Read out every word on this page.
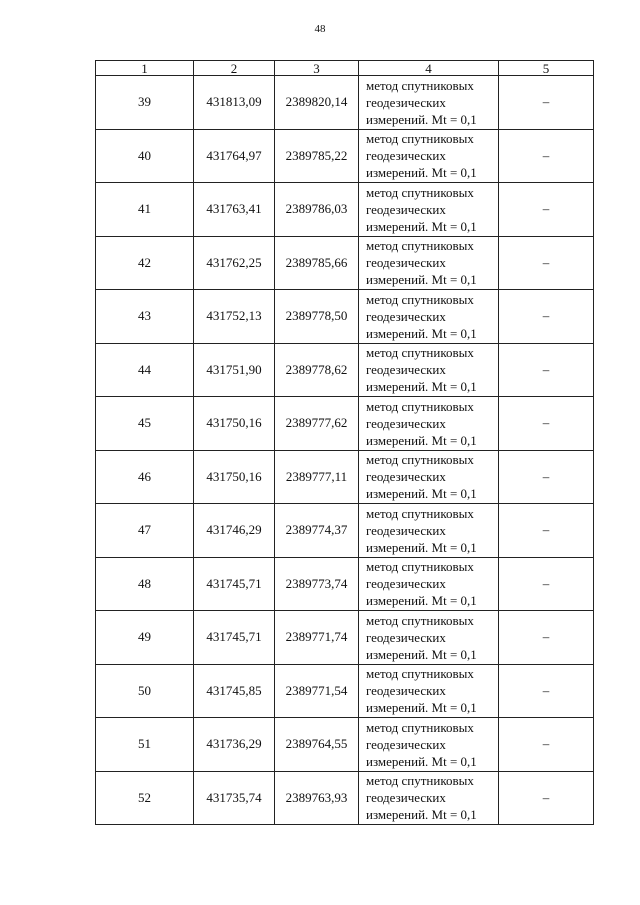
48
1	2	3	4	5
39	431813,09	2389820,14	метод спутниковых
геодезических
измерений. Mt = 0,1	–
40	431764,97	2389785,22	метод спутниковых
геодезических
измерений. Mt = 0,1	–
41	431763,41	2389786,03	метод спутниковых
геодезических
измерений. Mt = 0,1	–
42	431762,25	2389785,66	метод спутниковых
геодезических
измерений. Mt = 0,1	–
43	431752,13	2389778,50	метод спутниковых
геодезических
измерений. Mt = 0,1	–
44	431751,90	2389778,62	метод спутниковых
геодезических
измерений. Mt = 0,1	–
45	431750,16	2389777,62	метод спутниковых
геодезических
измерений. Mt = 0,1	–
46	431750,16	2389777,11	метод спутниковых
геодезических
измерений. Mt = 0,1	–
47	431746,29	2389774,37	метод спутниковых
геодезических
измерений. Mt = 0,1	–
48	431745,71	2389773,74	метод спутниковых
геодезических
измерений. Mt = 0,1	–
49	431745,71	2389771,74	метод спутниковых
геодезических
измерений. Mt = 0,1	–
50	431745,85	2389771,54	метод спутниковых
геодезических
измерений. Mt = 0,1	–
51	431736,29	2389764,55	метод спутниковых
геодезических
измерений. Mt = 0,1	–
52	431735,74	2389763,93	метод спутниковых
геодезических
измерений. Mt = 0,1	–
